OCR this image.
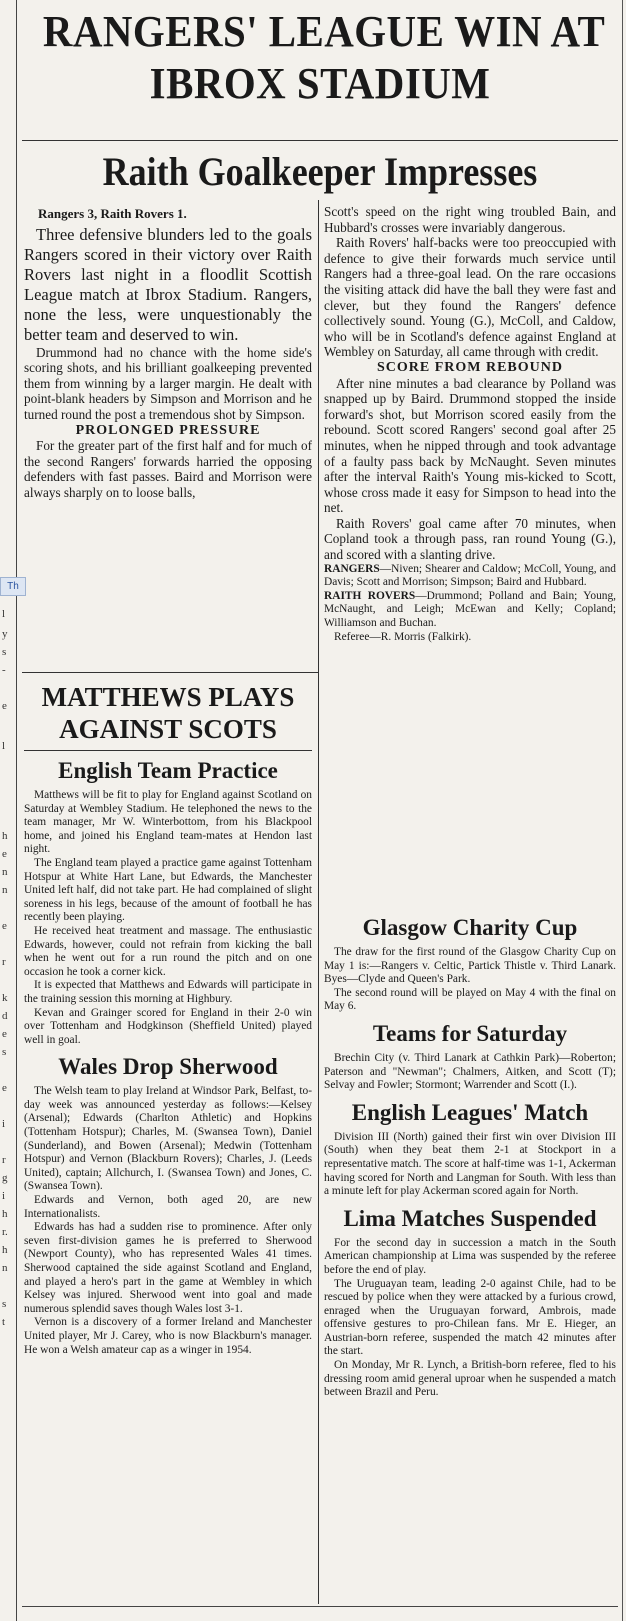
Th
l
y
s
-
e
l
h
e
n
n
e
r
k
d
e
s
e
i
r
g
i
h
r.
h
n
s
t
RANGERS' LEAGUE WIN AT
IBROX STADIUM
Raith Goalkeeper Impresses

Rangers 3, Raith Rovers 1.

Three defensive blunders led to the goals Rangers scored in their victory over Raith Rovers last night in a floodlit Scottish League match at Ibrox Stadium. Rangers, none the less, were unquestionably the better team and deserved to win.

Drummond had no chance with the home side's scoring shots, and his brilliant goalkeeping prevented them from winning by a larger margin. He dealt with point-blank headers by Simpson and Morrison and he turned round the post a tremendous shot by Simpson.

PROLONGED PRESSURE

For the greater part of the first half and for much of the second Rangers' forwards harried the opposing defenders with fast passes. Baird and Morrison were always sharply on to loose balls,

MATTHEWS PLAYS
AGAINST SCOTS
English Team Practice

Matthews will be fit to play for England against Scotland on Saturday at Wembley Stadium. He telephoned the news to the team manager, Mr W. Winterbottom, from his Blackpool home, and joined his England team-mates at Hendon last night.

The England team played a practice game against Tottenham Hotspur at White Hart Lane, but Edwards, the Manchester United left half, did not take part. He had complained of slight soreness in his legs, because of the amount of football he has recently been playing.

He received heat treatment and massage. The enthusiastic Edwards, however, could not refrain from kicking the ball when he went out for a run round the pitch and on one occasion he took a corner kick.

It is expected that Matthews and Edwards will participate in the training session this morning at Highbury.

Kevan and Grainger scored for England in their 2-0 win over Tottenham and Hodgkinson (Sheffield United) played well in goal.

Wales Drop Sherwood

The Welsh team to play Ireland at Windsor Park, Belfast, to-day week was announced yesterday as follows:—Kelsey (Arsenal); Edwards (Charlton Athletic) and Hopkins (Tottenham Hotspur); Charles, M. (Swansea Town), Daniel (Sunderland), and Bowen (Arsenal); Medwin (Tottenham Hotspur) and Vernon (Blackburn Rovers); Charles, J. (Leeds United), captain; Allchurch, I. (Swansea Town) and Jones, C. (Swansea Town).

Edwards and Vernon, both aged 20, are new Internationalists.

Edwards has had a sudden rise to prominence. After only seven first-division games he is preferred to Sherwood (Newport County), who has represented Wales 41 times. Sherwood captained the side against Scotland and England, and played a hero's part in the game at Wembley in which Kelsey was injured. Sherwood went into goal and made numerous splendid saves though Wales lost 3-1.

Vernon is a discovery of a former Ireland and Manchester United player, Mr J. Carey, who is now Blackburn's manager. He won a Welsh amateur cap as a winger in 1954.

Scott's speed on the right wing troubled Bain, and Hubbard's crosses were invariably dangerous.

Raith Rovers' half-backs were too preoccupied with defence to give their forwards much service until Rangers had a three-goal lead. On the rare occasions the visiting attack did have the ball they were fast and clever, but they found the Rangers' defence collectively sound. Young (G.), McColl, and Caldow, who will be in Scotland's defence against England at Wembley on Saturday, all came through with credit.

SCORE FROM REBOUND

After nine minutes a bad clearance by Polland was snapped up by Baird. Drummond stopped the inside forward's shot, but Morrison scored easily from the rebound. Scott scored Rangers' second goal after 25 minutes, when he nipped through and took advantage of a faulty pass back by McNaught. Seven minutes after the interval Raith's Young mis-kicked to Scott, whose cross made it easy for Simpson to head into the net.

Raith Rovers' goal came after 70 minutes, when Copland took a through pass, ran round Young (G.), and scored with a slanting drive.

RANGERS—Niven; Shearer and Caldow; McColl, Young, and Davis; Scott and Morrison; Simpson; Baird and Hubbard.

RAITH ROVERS—Drummond; Polland and Bain; Young, McNaught, and Leigh; McEwan and Kelly; Copland; Williamson and Buchan.

Referee—R. Morris (Falkirk).

Glasgow Charity Cup

The draw for the first round of the Glasgow Charity Cup on May 1 is:—Rangers v. Celtic, Partick Thistle v. Third Lanark. Byes—Clyde and Queen's Park.

The second round will be played on May 4 with the final on May 6.

Teams for Saturday

Brechin City (v. Third Lanark at Cathkin Park)—Roberton; Paterson and "Newman"; Chalmers, Aitken, and Scott (T); Selvay and Fowler; Stormont; Warrender and Scott (I.).

English Leagues' Match

Division III (North) gained their first win over Division III (South) when they beat them 2-1 at Stockport in a representative match. The score at half-time was 1-1, Ackerman having scored for North and Langman for South. With less than a minute left for play Ackerman scored again for North.

Lima Matches Suspended

For the second day in succession a match in the South American championship at Lima was suspended by the referee before the end of play.

The Uruguayan team, leading 2-0 against Chile, had to be rescued by police when they were attacked by a furious crowd, enraged when the Uruguayan forward, Ambrois, made offensive gestures to pro-Chilean fans. Mr E. Hieger, an Austrian-born referee, suspended the match 42 minutes after the start.

On Monday, Mr R. Lynch, a British-born referee, fled to his dressing room amid general uproar when he suspended a match between Brazil and Peru.
